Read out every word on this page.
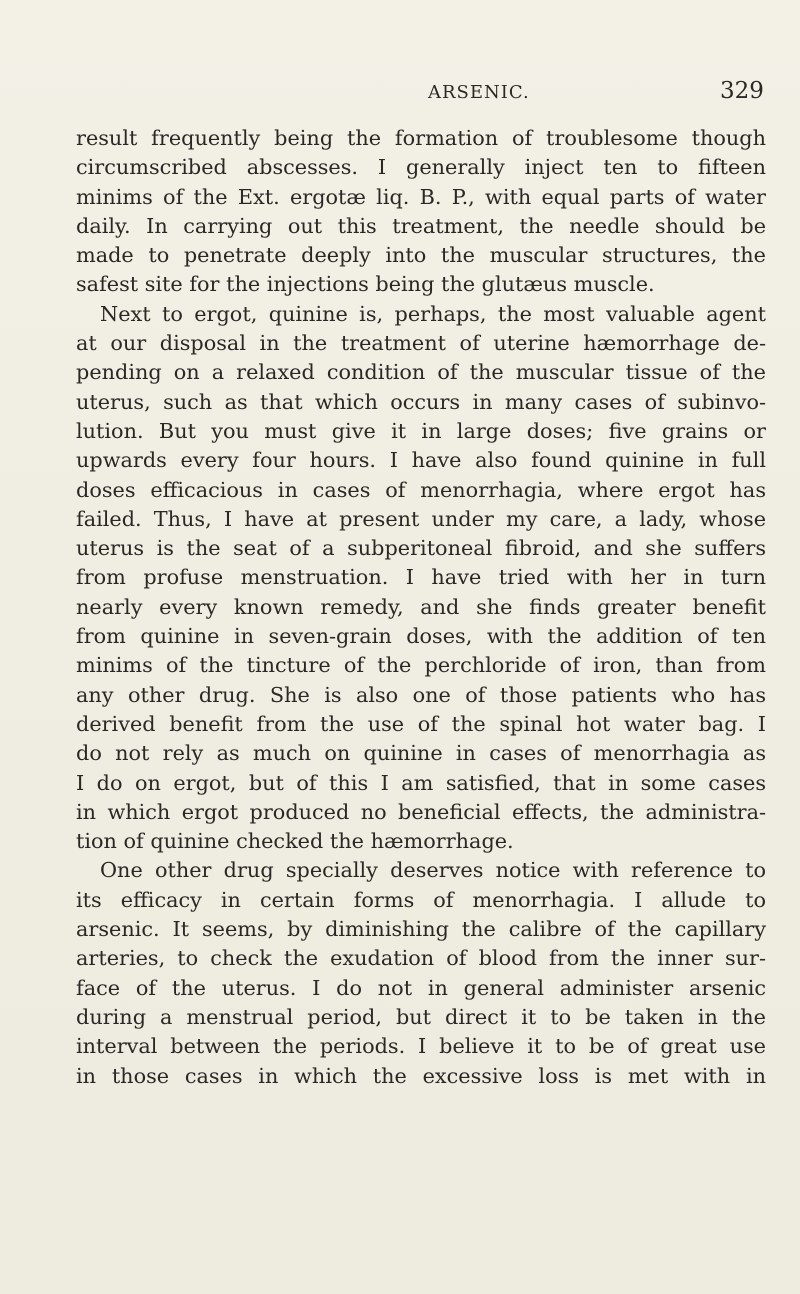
ARSENIC.	329
result frequently being the formation of troublesome though
circumscribed abscesses. I generally inject ten to fifteen
minims of the Ext. ergotæ liq. B. P., with equal parts of water
daily. In carrying out this treatment, the needle should be
made to penetrate deeply into the muscular structures, the
safest site for the injections being the glutæus muscle.
Next to ergot, quinine is, perhaps, the most valuable agent
at our disposal in the treatment of uterine hæmorrhage de-
pending on a relaxed condition of the muscular tissue of the
uterus, such as that which occurs in many cases of subinvo-
lution. But you must give it in large doses; five grains or
upwards every four hours. I have also found quinine in full
doses efficacious in cases of menorrhagia, where ergot has
failed. Thus, I have at present under my care, a lady, whose
uterus is the seat of a subperitoneal fibroid, and she suffers
from profuse menstruation. I have tried with her in turn
nearly every known remedy, and she finds greater benefit
from quinine in seven-grain doses, with the addition of ten
minims of the tincture of the perchloride of iron, than from
any other drug. She is also one of those patients who has
derived benefit from the use of the spinal hot water bag. I
do not rely as much on quinine in cases of menorrhagia as
I do on ergot, but of this I am satisfied, that in some cases
in which ergot produced no beneficial effects, the administra-
tion of quinine checked the hæmorrhage.
One other drug specially deserves notice with reference to
its efficacy in certain forms of menorrhagia. I allude to
arsenic. It seems, by diminishing the calibre of the capillary
arteries, to check the exudation of blood from the inner sur-
face of the uterus. I do not in general administer arsenic
during a menstrual period, but direct it to be taken in the
interval between the periods. I believe it to be of great use
in those cases in which the excessive loss is met with in
